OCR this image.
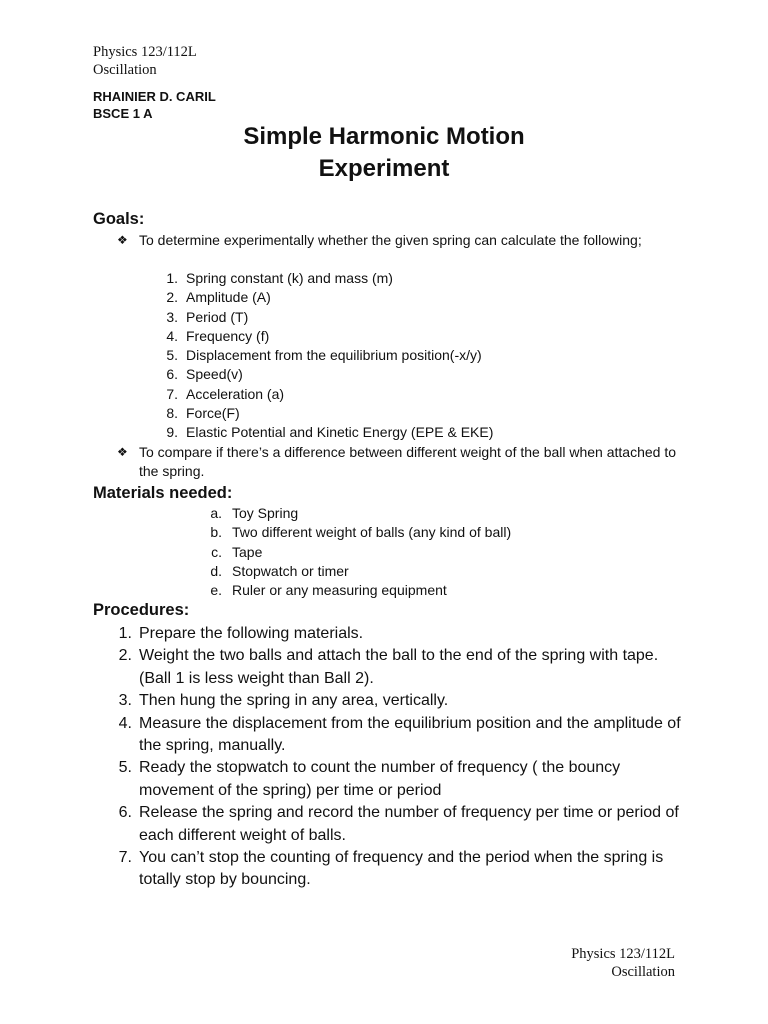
Physics 123/112L
Oscillation
RHAINIER D. CARIL
BSCE 1 A
Simple Harmonic Motion
Experiment
Goals:
❖ To determine experimentally whether the given spring can calculate the following;
1. Spring constant (k) and mass (m)
2. Amplitude (A)
3. Period (T)
4. Frequency (f)
5. Displacement from the equilibrium position(-x/y)
6. Speed(v)
7. Acceleration (a)
8. Force(F)
9. Elastic Potential and Kinetic Energy (EPE & EKE)
❖ To compare if there’s a difference between different weight of the ball when attached to the spring.
Materials needed:
a. Toy Spring
b. Two different weight of balls (any kind of ball)
c. Tape
d. Stopwatch or timer
e. Ruler or any measuring equipment
Procedures:
1. Prepare the following materials.
2. Weight the two balls and attach the ball to the end of the spring with tape. (Ball 1 is less weight than Ball 2).
3. Then hung the spring in any area, vertically.
4. Measure the displacement from the equilibrium position and the amplitude of the spring, manually.
5. Ready the stopwatch to count the number of frequency ( the bouncy movement of the spring) per time or period
6. Release the spring and record the number of frequency per time or period of each different weight of balls.
7. You can’t stop the counting of frequency and the period when the spring is totally stop by bouncing.
Physics 123/112L
Oscillation
